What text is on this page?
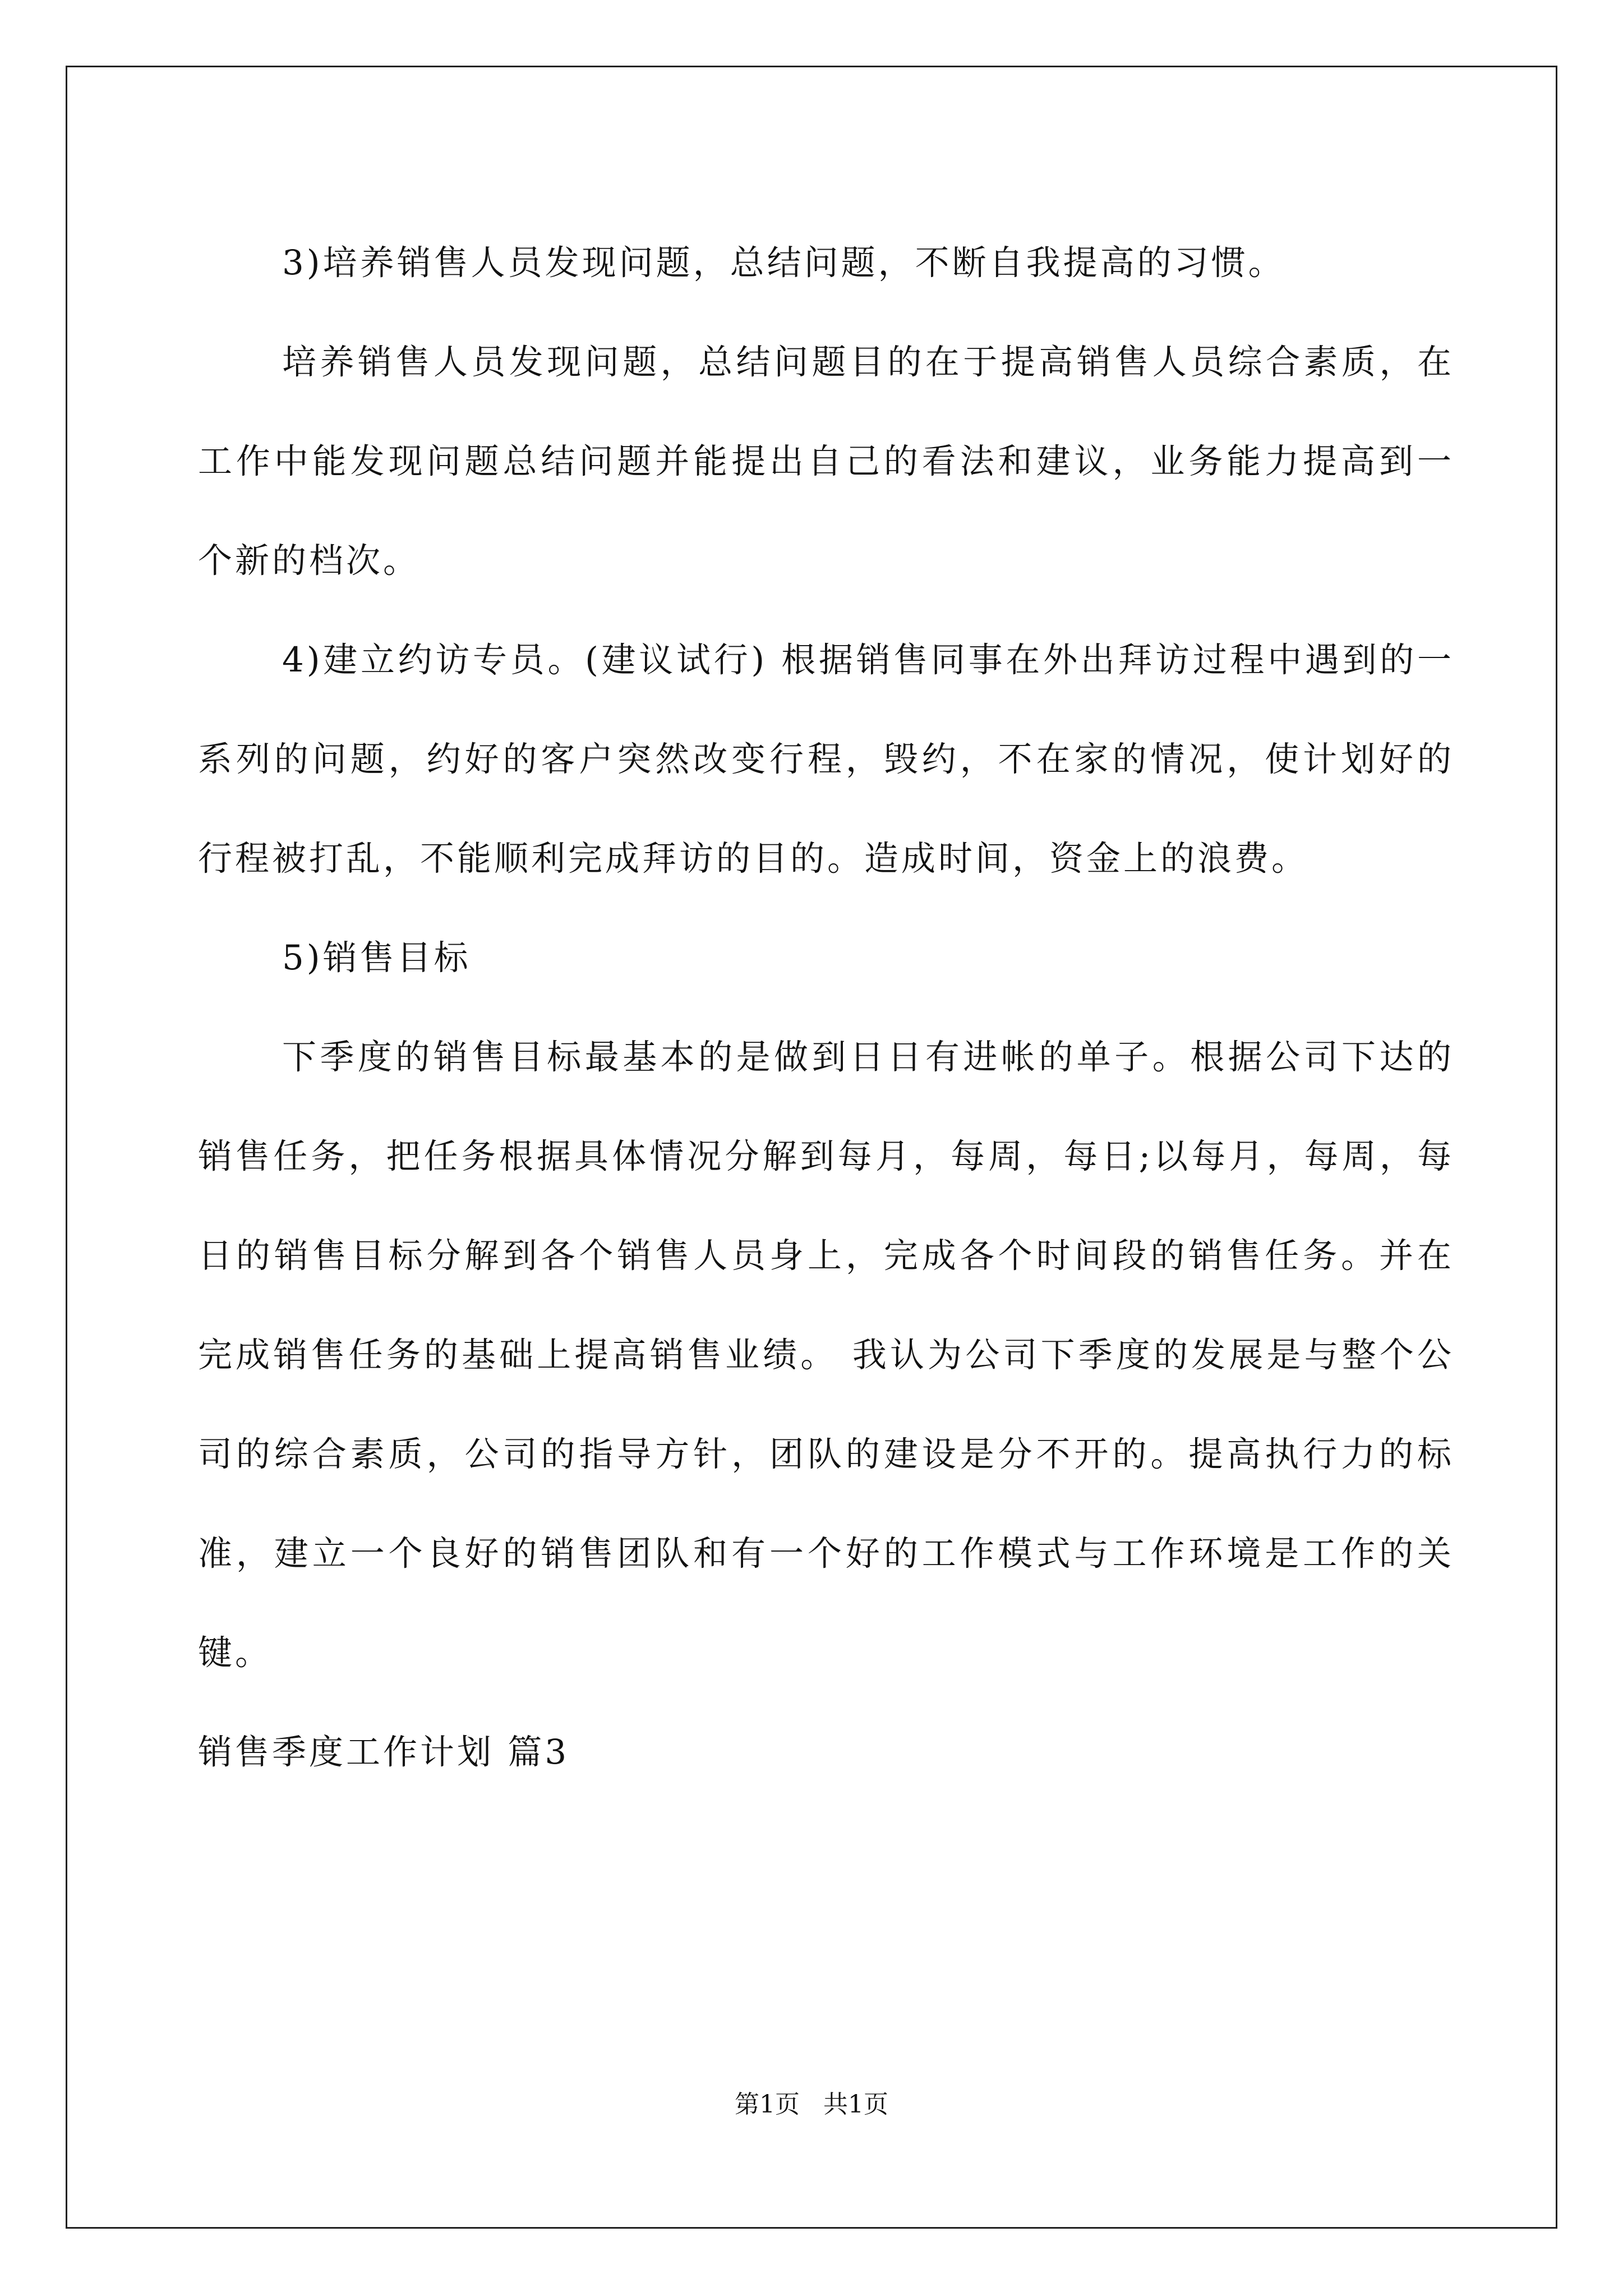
3)培养销售人员发现问题，总结问题，不断自我提高的习惯。

培养销售人员发现问题，总结问题目的在于提高销售人员综合素质，在工作中能发现问题总结问题并能提出自己的看法和建议，业务能力提高到一个新的档次。

4)建立约访专员。(建议试行) 根据销售同事在外出拜访过程中遇到的一系列的问题，约好的客户突然改变行程，毁约，不在家的情况，使计划好的行程被打乱，不能顺利完成拜访的目的。造成时间，资金上的浪费。

5)销售目标

下季度的销售目标最基本的是做到日日有进帐的单子。根据公司下达的销售任务，把任务根据具体情况分解到每月，每周，每日;以每月，每周，每日的销售目标分解到各个销售人员身上，完成各个时间段的销售任务。并在完成销售任务的基础上提高销售业绩。 我认为公司下季度的发展是与整个公司的综合素质，公司的指导方针，团队的建设是分不开的。提高执行力的标准，建立一个良好的销售团队和有一个好的工作模式与工作环境是工作的关键。

销售季度工作计划 篇3

第1页   共1页
